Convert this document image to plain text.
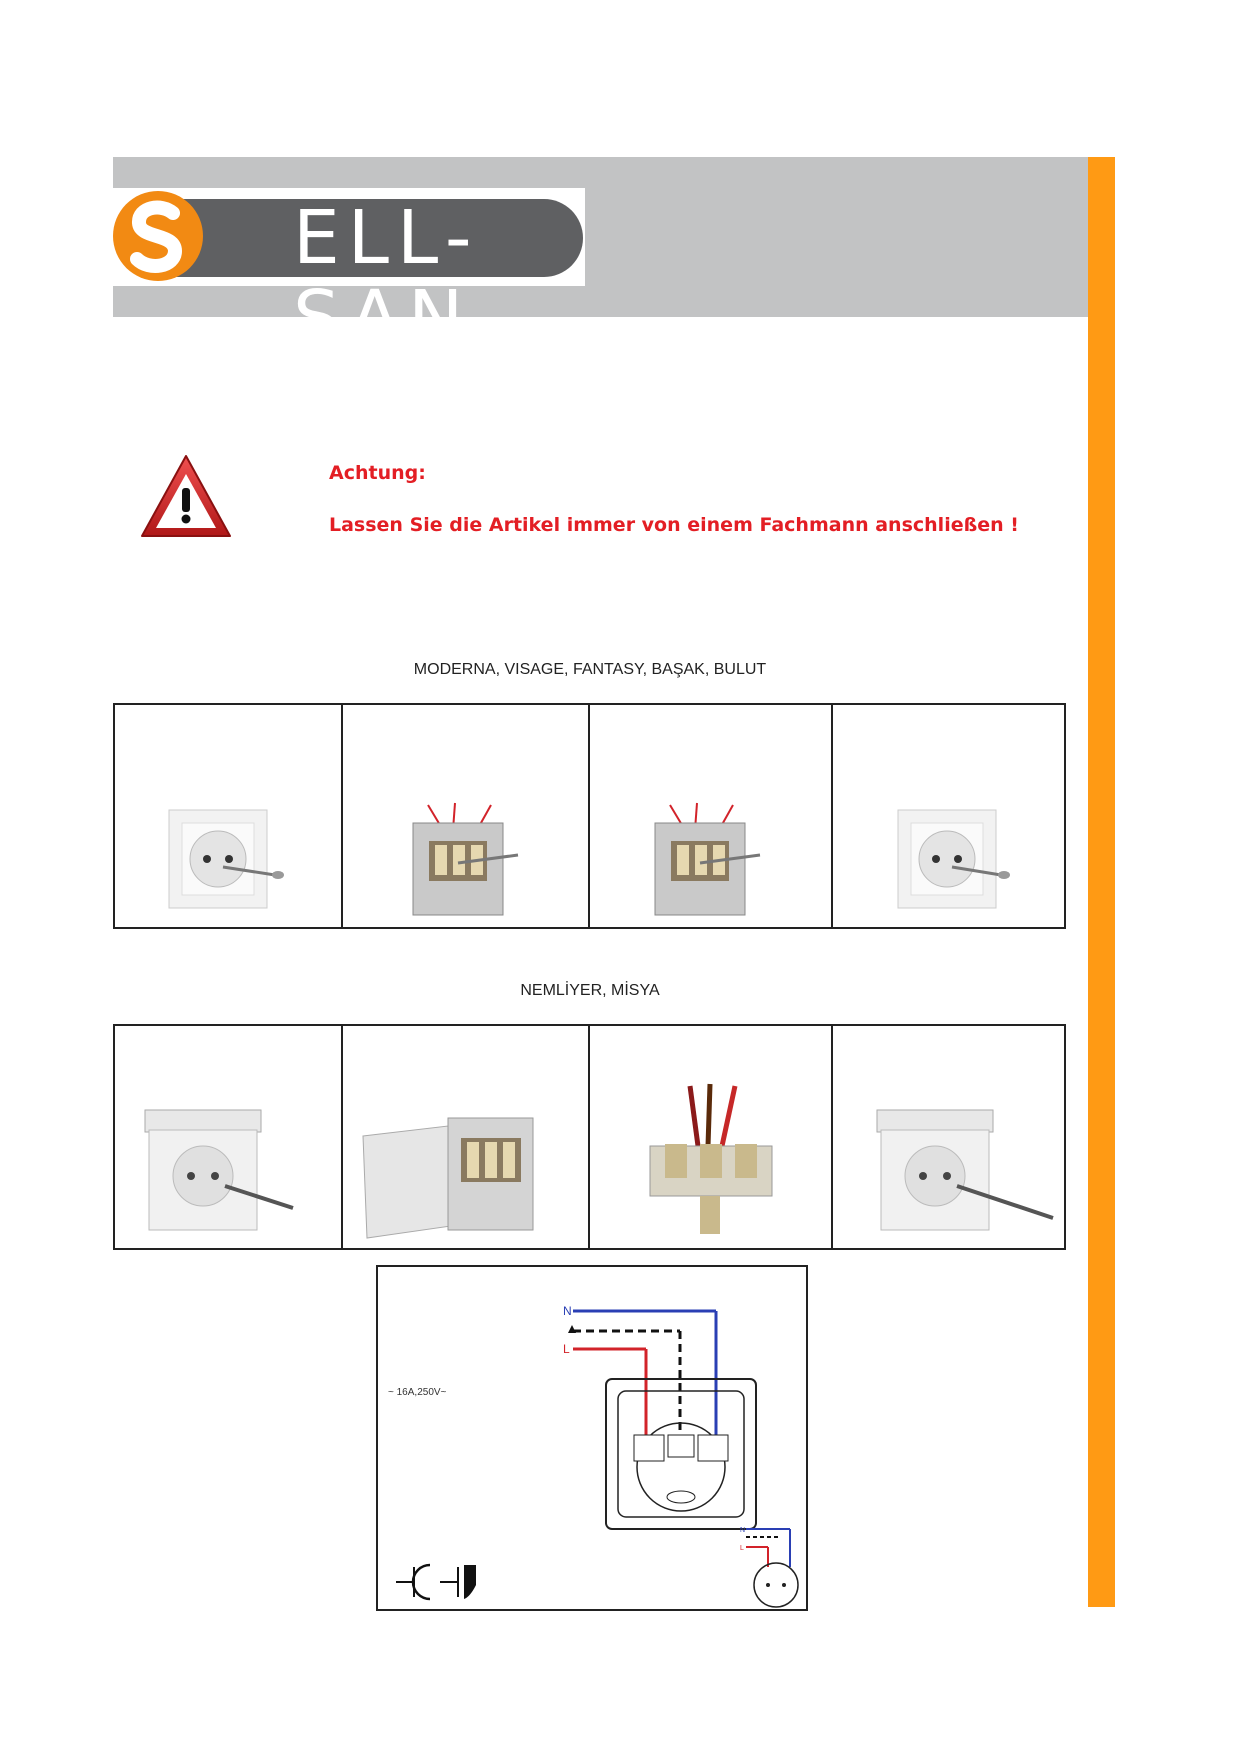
ELL-SAN
Achtung:
Lassen Sie die Artikel immer von einem Fachmann anschließen !
MODERNA, VISAGE, FANTASY, BAŞAK, BULUT
NEMLİYER, MİSYA
~ 16A,250V~
N
L
N
L
